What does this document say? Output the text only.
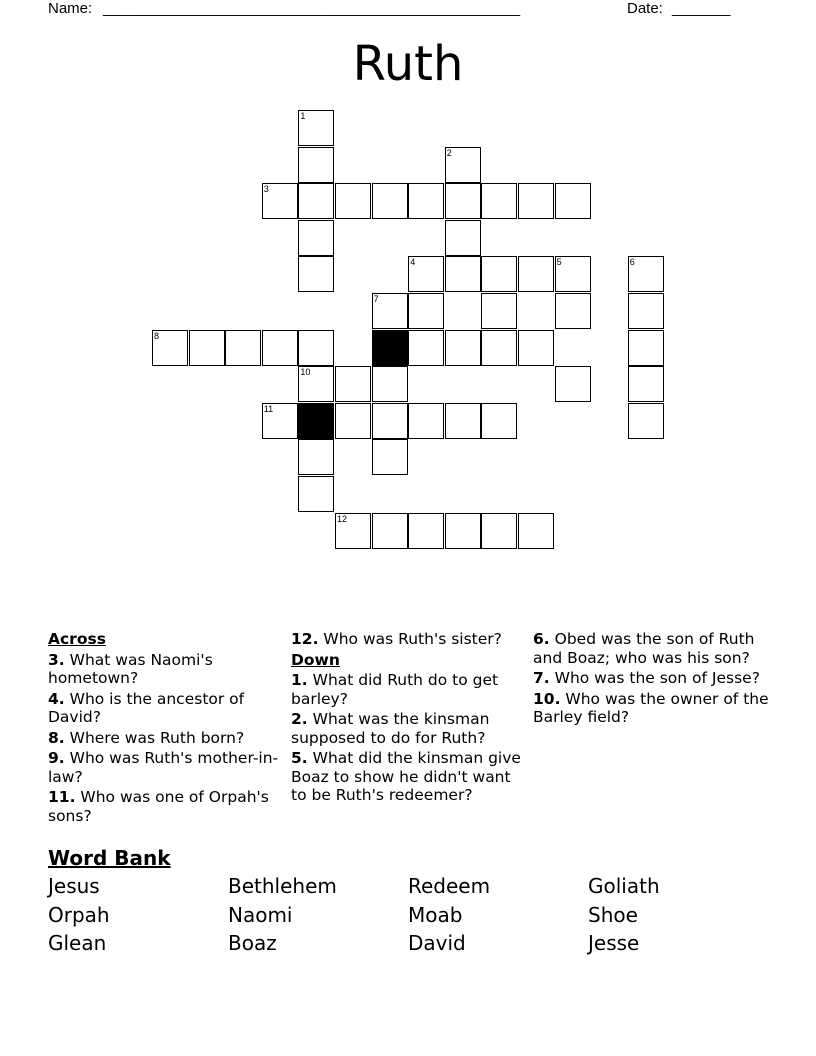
Name: __________________________________________________	Date: _______
Ruth
1
2
3
4	5	6
7
8
10
11
12
Across
3. What was Naomi's hometown?
4. Who is the ancestor of David?
8. Where was Ruth born?
9. Who was Ruth's mother-in-law?
11. Who was one of Orpah's sons?
12. Who was Ruth's sister?
Down
1. What did Ruth do to get barley?
2. What was the kinsman supposed to do for Ruth?
5. What did the kinsman give Boaz to show he didn't want to be Ruth's redeemer?
6. Obed was the son of Ruth and Boaz; who was his son?
7. Who was the son of Jesse?
10. Who was the owner of the Barley field?
Word Bank
Jesus	Bethlehem	Redeem	Goliath
Orpah	Naomi	Moab	Shoe
Glean	Boaz	David	Jesse
